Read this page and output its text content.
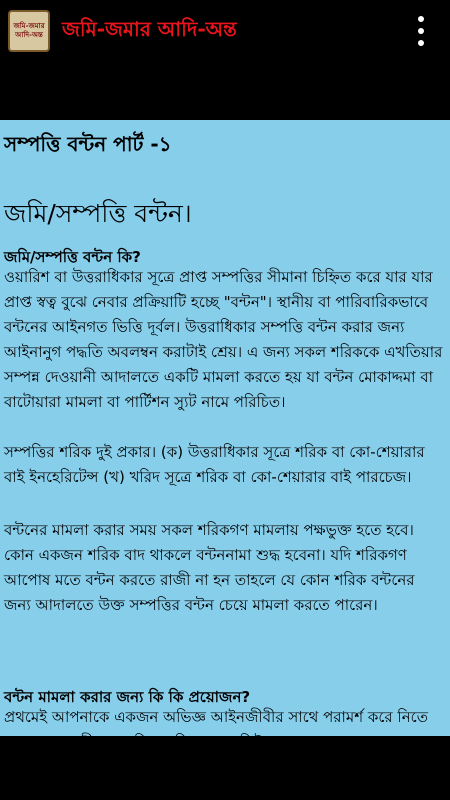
জমি-জমার
আদি-অন্ত জমি-জমার আদি-অন্ত
সম্পত্তি বন্টন পার্ট -১
জমি/সম্পত্তি বন্টন।
জমি/সম্পত্তি বন্টন কি?
ওয়ারিশ বা উত্তরাধিকার সূত্রে প্রাপ্ত সম্পত্তির সীমানা চিহ্নিত করে যার যার প্রাপ্ত স্বত্ব বুঝে নেবার প্রক্রিয়াটি হচ্ছে "বন্টন"। স্থানীয় বা পারিবারিকভাবে বন্টনের আইনগত ভিত্তি দূর্বল। উত্তরাধিকার সম্পত্তি বন্টন করার জন্য আইনানুগ পদ্ধতি অবলম্বন করাটাই শ্রেয়। এ জন্য সকল শরিককে এখতিয়ার সম্পন্ন দেওয়ানী আদালতে একটি মামলা করতে হয় যা বন্টন মোকাদ্দমা বা বাটোয়ারা মামলা বা পার্টিশন স্যুট নামে পরিচিত।
সম্পত্তির শরিক দুই প্রকার। (ক) উত্তরাধিকার সূত্রে শরিক বা কো-শেয়ারার বাই ইনহেরিটেন্স (খ) খরিদ সূত্রে শরিক বা কো-শেয়ারার বাই পারচেজ।
বন্টনের মামলা করার সময় সকল শরিকগণ মামলায় পক্ষভুক্ত হতে হবে। কোন একজন শরিক বাদ থাকলে বন্টননামা শুদ্ধ হবেনা। যদি শরিকগণ আপোষ মতে বন্টন করতে রাজী না হন তাহলে যে কোন শরিক বন্টনের জন্য আদালতে উক্ত সম্পত্তির বন্টন চেয়ে মামলা করতে পারেন।
বন্টন মামলা করার জন্য কি কি প্রয়োজন?
প্রথমেই আপনাকে একজন অভিজ্ঞ আইনজীবীর সাথে পরামর্শ করে নিতে
